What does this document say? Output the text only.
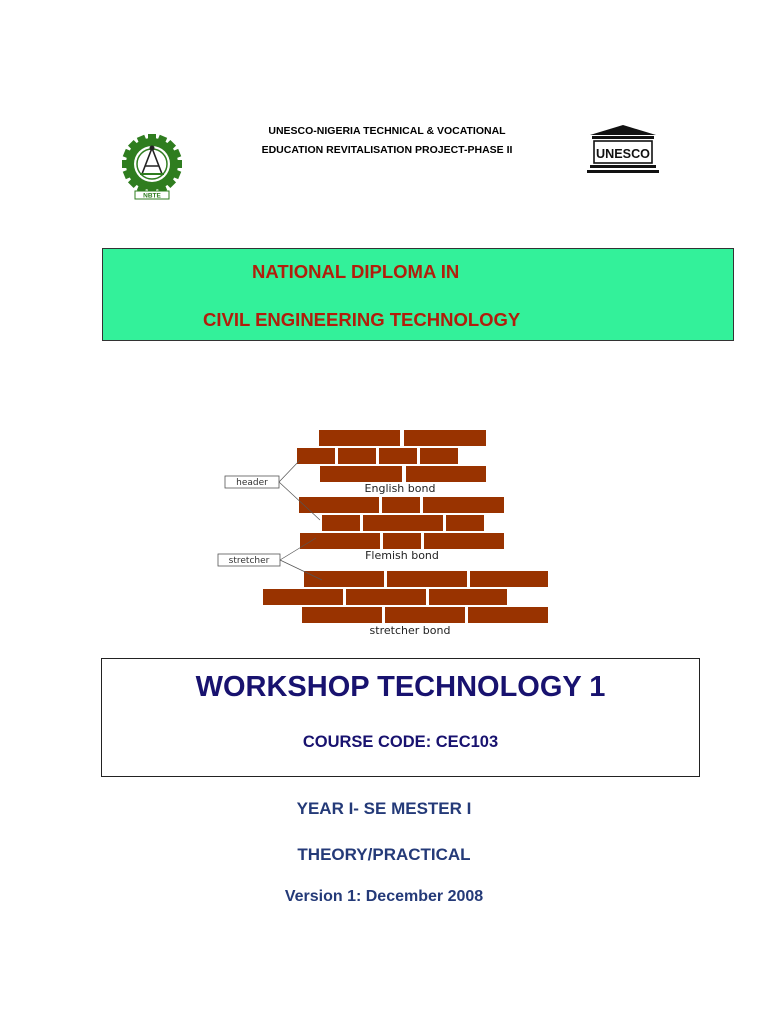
NBTE
UNESCO-NIGERIA TECHNICAL & VOCATIONAL
EDUCATION REVITALISATION PROJECT-PHASE II	UNESCO
NATIONAL DIPLOMA IN
CIVIL ENGINEERING TECHNOLOGY
header
stretcher
English bond
Flemish bond
stretcher bond
WORKSHOP TECHNOLOGY 1
COURSE CODE: CEC103
YEAR I- SE MESTER I
THEORY/PRACTICAL
Version 1: December 2008
